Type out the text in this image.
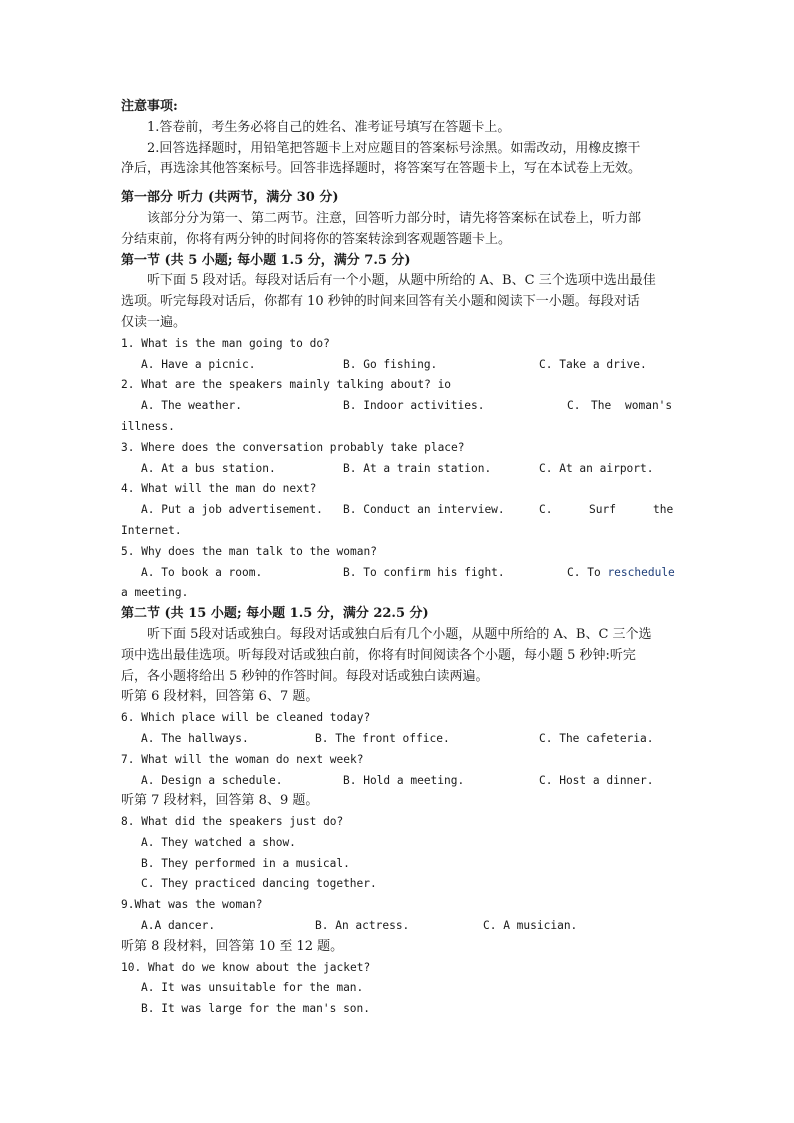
注意事项:
1.答卷前，考生务必将自己的姓名、准考证号填写在答题卡上。
2.回答选择题时，用铅笔把答题卡上对应题目的答案标号涂黑。如需改动，用橡皮擦干
净后，再选涂其他答案标号。回答非选择题时，将答案写在答题卡上，写在本试卷上无效。
第一部分 听力 (共两节，满分 30 分)
该部分分为第一、第二两节。注意，回答听力部分时，请先将答案标在试卷上，听力部
分结束前，你将有两分钟的时间将你的答案转涂到客观题答题卡上。
第一节 (共 5 小题; 每小题 1.5 分，满分 7.5 分)
听下面 5 段对话。每段对话后有一个小题，从题中所给的 A、B、C 三个选项中选出最佳
选项。听完每段对话后，你都有 10 秒钟的时间来回答有关小题和阅读下一小题。每段对话
仅读一遍。
1. What is the man going to do?
A. Have a picnic.	B. Go fishing.	C. Take a drive.
2. What are the speakers mainly talking about? io
A. The weather.	B. Indoor activities.	C. The woman's
illness.
3. Where does the conversation probably take place?
A. At a bus station.	B. At a train station.	C. At an airport.
4. What will the man do next?
A. Put a job advertisement. B. Conduct an interview.	C.	Surf	the
Internet.
5. Why does the man talk to the woman?
A. To book a room.	B. To confirm his fight.	C. To reschedule
a meeting.
第二节 (共 15 小题; 每小题 1.5 分，满分 22.5 分)
听下面 5段对话或独白。每段对话或独白后有几个小题，从题中所给的 A、B、C 三个选
项中选出最佳选项。听每段对话或独白前，你将有时间阅读各个小题，每小题 5 秒钟:听完
后，各小题将给出 5 秒钟的作答时间。每段对话或独白读两遍。
听第 6 段材料，回答第 6、7 题。
6. Which place will be cleaned today?
A. The hallways.	B. The front office.	C. The cafeteria.
7. What will the woman do next week?
A. Design a schedule.	B. Hold a meeting.	C. Host a dinner.
听第 7 段材料，回答第 8、9 题。
8. What did the speakers just do?
A. They watched a show.
B. They performed in a musical.
C. They practiced dancing together.
9.What was the woman?
A.A dancer.	B. An actress.	C. A musician.
听第 8 段材料，回答第 10 至 12 题。
10. What do we know about the jacket?
A. It was unsuitable for the man.
B. It was large for the man's son.
